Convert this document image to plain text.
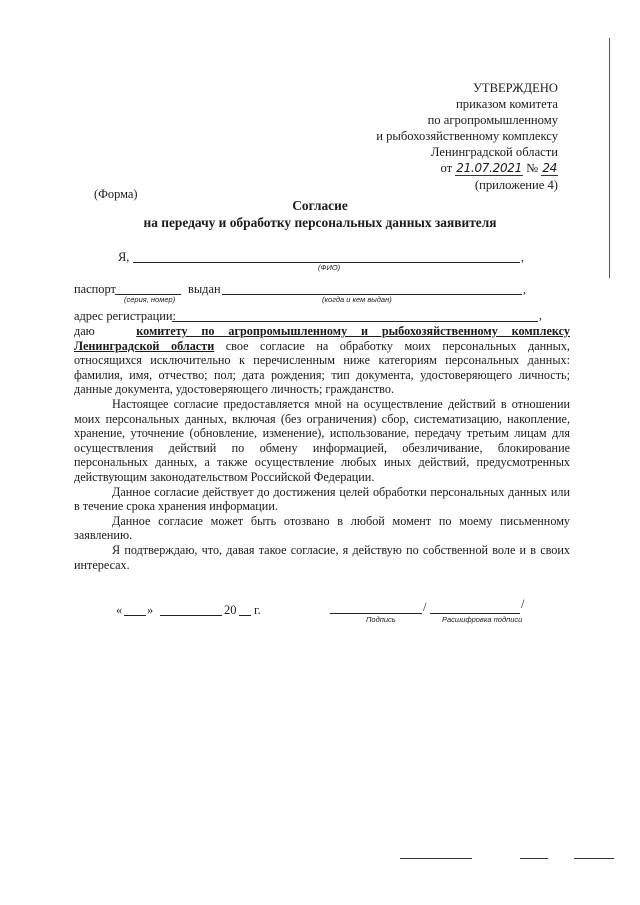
УТВЕРЖДЕНО
приказом комитета
по агропромышленному
и рыбохозяйственному комплексу
Ленинградской области
от 21.07.2021 № 24
(приложение 4)
(Форма)
Согласие
на передачу и обработку персональных данных заявителя
Я,	,
(ФИО)
паспорт
(серия, номер)
выдан	,
(когда и кем выдан)
адрес регистрации:	,

даю	комитету по агропромышленному и рыбохозяйственному комплексу Ленинградской области свое согласие на обработку моих персональных данных, относящихся исключительно к перечисленным ниже категориям персональных данных: фамилия, имя, отчество; пол; дата рождения; тип документа, удостоверяющего личность; данные документа, удостоверяющего личность; гражданство.

Настоящее согласие предоставляется мной на осуществление действий в отношении моих персональных данных, включая (без ограничения) сбор, систематизацию, накопление, хранение, уточнение (обновление, изменение), использование, передачу третьим лицам для осуществления действий по обмену информацией, обезличивание, блокирование персональных данных, а также осуществление любых иных действий, предусмотренных действующим законодательством Российской Федерации.

Данное согласие действует до достижения целей обработки персональных данных или в течение срока хранения информации.

Данное согласие может быть отозвано в любой момент по моему письменному заявлению.

Я подтверждаю, что, давая такое согласие, я действую по собственной воле и в своих интересах.

« »	20 г.	/	/
Подпись	Расшифровка подписи
